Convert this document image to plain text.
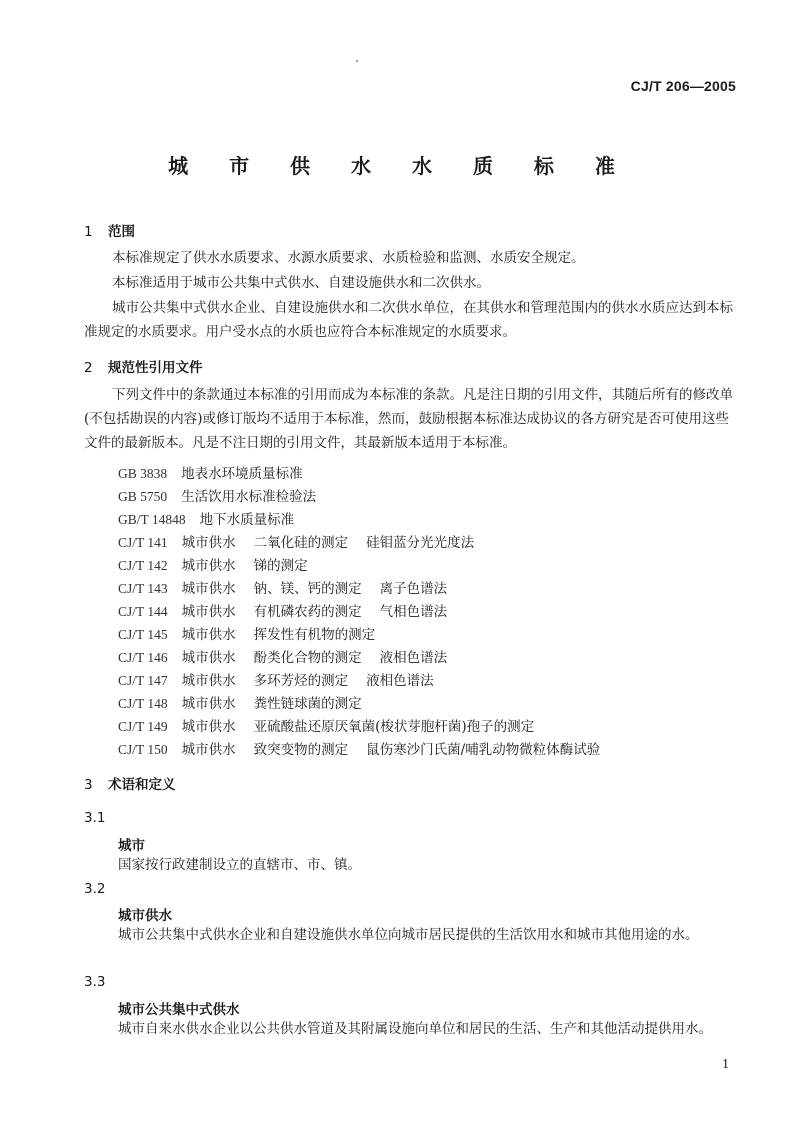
CJ/T 206—2005
城 市 供 水 水 质 标 准
1 范围
本标准规定了供水水质要求、水源水质要求、水质检验和监测、水质安全规定。
本标准适用于城市公共集中式供水、自建设施供水和二次供水。
城市公共集中式供水企业、自建设施供水和二次供水单位，在其供水和管理范围内的供水水质应达到本标准规定的水质要求。用户受水点的水质也应符合本标准规定的水质要求。
2 规范性引用文件
下列文件中的条款通过本标准的引用而成为本标准的条款。凡是注日期的引用文件，其随后所有的修改单(不包括勘误的内容)或修订版均不适用于本标准，然而，鼓励根据本标准达成协议的各方研究是否可使用这些文件的最新版本。凡是不注日期的引用文件，其最新版本适用于本标准。
GB 3838 地表水环境质量标准
GB 5750 生活饮用水标准检验法
GB/T 14848 地下水质量标准
CJ/T 141 城市供水 二氧化硅的测定 硅钼蓝分光光度法
CJ/T 142 城市供水 锑的测定
CJ/T 143 城市供水 钠、镁、钙的测定 离子色谱法
CJ/T 144 城市供水 有机磷农药的测定 气相色谱法
CJ/T 145 城市供水 挥发性有机物的测定
CJ/T 146 城市供水 酚类化合物的测定 液相色谱法
CJ/T 147 城市供水 多环芳烃的测定 液相色谱法
CJ/T 148 城市供水 粪性链球菌的测定
CJ/T 149 城市供水 亚硫酸盐还原厌氧菌(梭状芽胞杆菌)孢子的测定
CJ/T 150 城市供水 致突变物的测定 鼠伤寒沙门氏菌/哺乳动物微粒体酶试验
3 术语和定义
3.1
城市
国家按行政建制设立的直辖市、市、镇。
3.2
城市供水
城市公共集中式供水企业和自建设施供水单位向城市居民提供的生活饮用水和城市其他用途的水。
3.3
城市公共集中式供水
城市自来水供水企业以公共供水管道及其附属设施向单位和居民的生活、生产和其他活动提供用水。
1
